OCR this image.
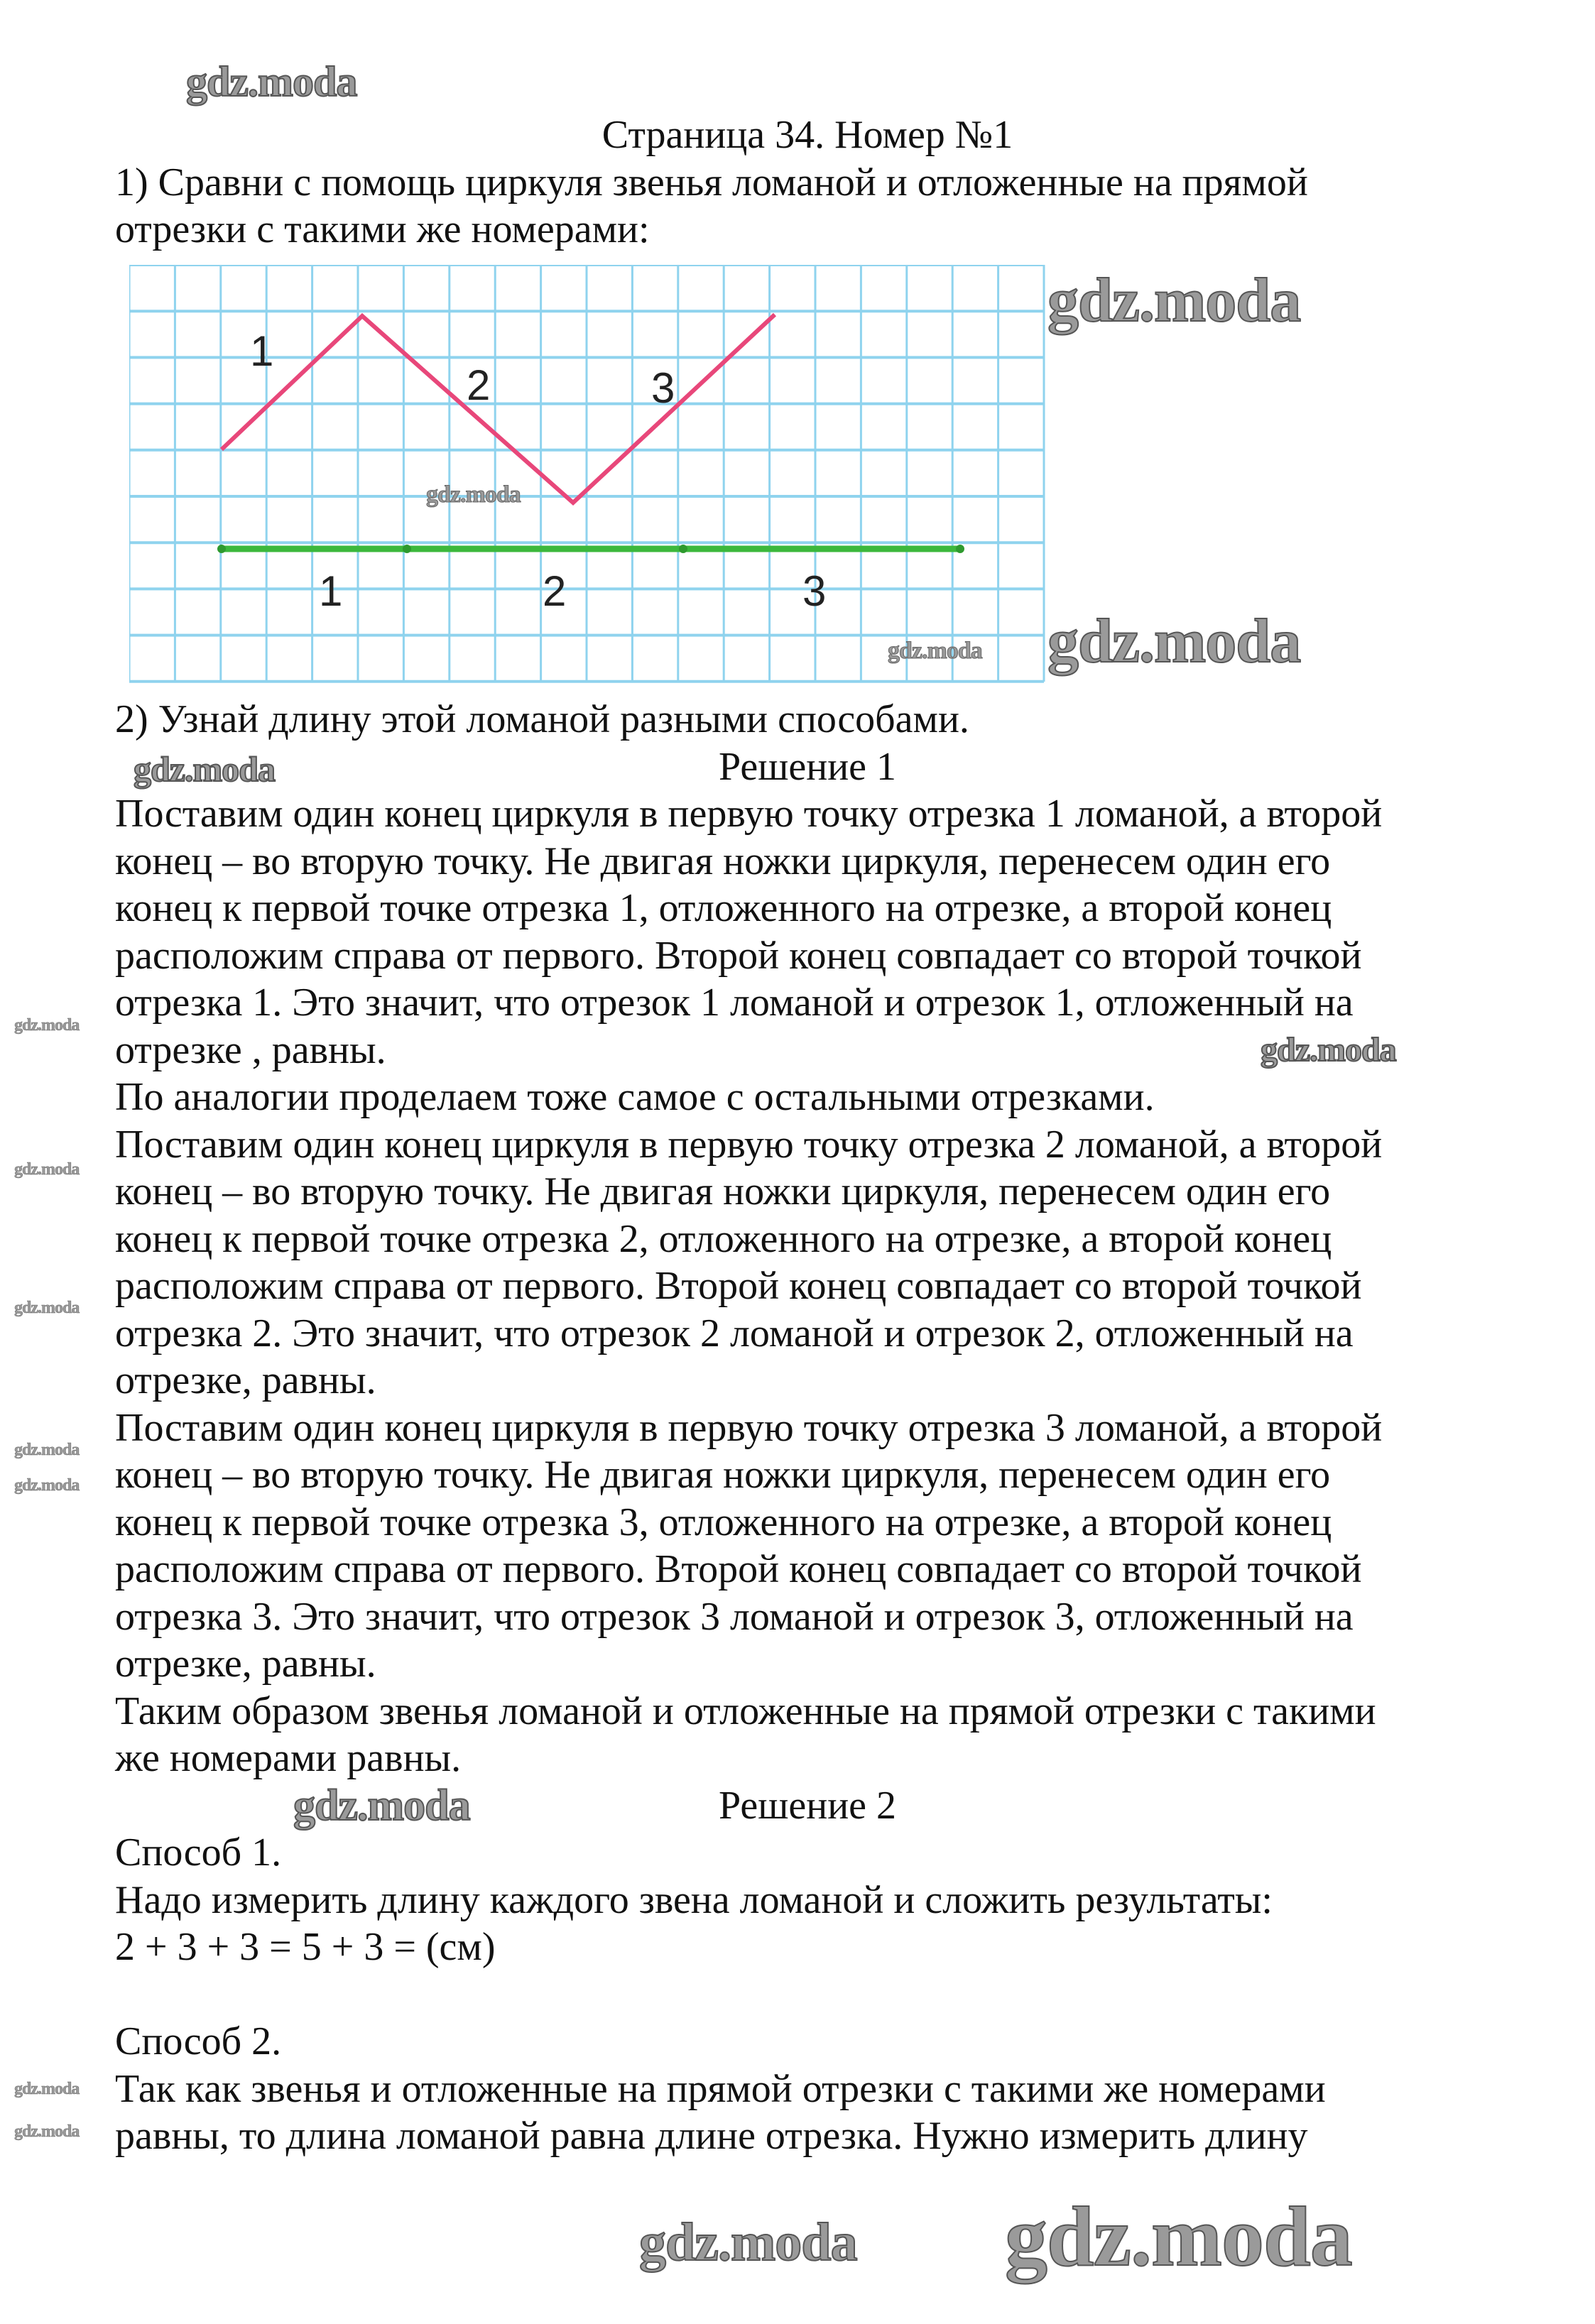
Страница 34. Номер №1
1) Сравни с помощь циркуля звенья ломаной и отложенные на прямой
отрезки с такими же номерами:
1
2	3
1	2	3
2) Узнай длину этой ломаной разными способами.
Решение 1
Поставим один конец циркуля в первую точку отрезка 1 ломаной, а второй
конец – во вторую точку. Не двигая ножки циркуля, перенесем один его
конец к первой точке отрезка 1, отложенного на отрезке, а второй конец
расположим справа от первого. Второй конец совпадает со второй точкой
отрезка 1. Это значит, что отрезок 1 ломаной и отрезок 1, отложенный на
отрезке , равны.
По аналогии проделаем тоже самое с остальными отрезками.
Поставим один конец циркуля в первую точку отрезка 2 ломаной, а второй
конец – во вторую точку. Не двигая ножки циркуля, перенесем один его
конец к первой точке отрезка 2, отложенного на отрезке, а второй конец
расположим справа от первого. Второй конец совпадает со второй точкой
отрезка 2. Это значит, что отрезок 2 ломаной и отрезок 2, отложенный на
отрезке, равны.
Поставим один конец циркуля в первую точку отрезка 3 ломаной, а второй
конец – во вторую точку. Не двигая ножки циркуля, перенесем один его
конец к первой точке отрезка 3, отложенного на отрезке, а второй конец
расположим справа от первого. Второй конец совпадает со второй точкой
отрезка 3. Это значит, что отрезок 3 ломаной и отрезок 3, отложенный на
отрезке, равны.
Таким образом звенья ломаной и отложенные на прямой отрезки с такими
же номерами равны.
Решение 2
Способ 1.
Надо измерить длину каждого звена ломаной и сложить результаты:
2 + 3 + 3 = 5 + 3 = (см)
Способ 2.
Так как звенья и отложенные на прямой отрезки с такими же номерами
равны, то длина ломаной равна длине отрезка. Нужно измерить длину
gdz.moda
gdz.moda
gdz.moda
gdz.moda
gdz.moda
gdz.moda
gdz.moda
gdz.moda
gdz.moda
gdz.moda
gdz.moda
gdz.moda
gdz.moda
gdz.moda
gdz.moda
gdz.moda
gdz.moda
